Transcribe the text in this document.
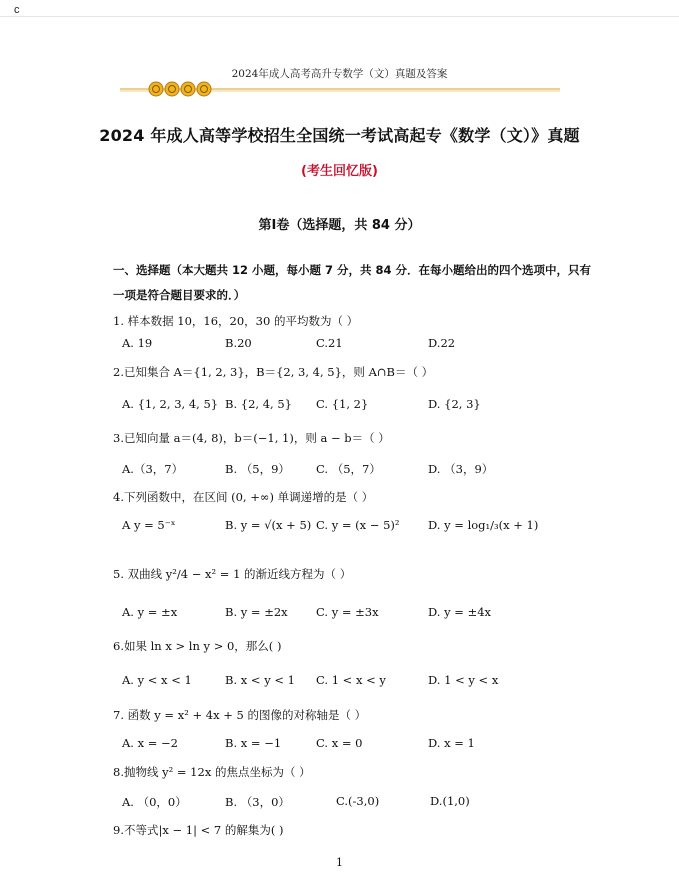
c
2024年成人高考高升专数学（文）真题及答案
2024 年成人高等学校招生全国统一考试高起专《数学（文）》真题
(考生回忆版)
第Ⅰ卷（选择题，共 84 分）
一、选择题（本大题共 12 小题，每小题 7 分，共 84 分．在每小题给出的四个选项中，只有
一项是符合题目要求的．）
1. 样本数据 10，16，20，30 的平均数为（ ）
A. 19	B.20	C.21	D.22
2.已知集合 A＝{1, 2, 3}，B＝{2, 3, 4, 5}，则 A∩B＝（ ）
A. {1, 2, 3, 4, 5} B. {2, 4, 5} C. {1, 2}	D. {2, 3}
3.已知向量 a＝(4, 8)，b＝(−1, 1)，则 a − b＝（ ）
A.（3，7）	B. （5，9） C. （5，7）	D. （3，9）
4.下列函数中，在区间 (0, +∞) 单调递增的是（ ）
A y = 5⁻ˣ	B. y = √(x + 5) C. y = (x − 5)² D. y = log₁/₃(x + 1)
5. 双曲线 y²/4 − x² = 1 的渐近线方程为（ ）
A. y = ±x	B. y = ±2x C. y = ±3x	D. y = ±4x
6.如果 ln x > ln y > 0，那么( )
A. y < x < 1	B. x < y < 1 C. 1 < x < y	D. 1 < y < x
7. 函数 y = x² + 4x + 5 的图像的对称轴是（ ）
A. x = −2	B. x = −1	C. x = 0	D. x = 1
8.抛物线 y² = 12x 的焦点坐标为（ ）
A. （0，0）	B. （3，0）	C.(-3,0)	D.(1,0)
9.不等式|x − 1| < 7 的解集为( )
1
